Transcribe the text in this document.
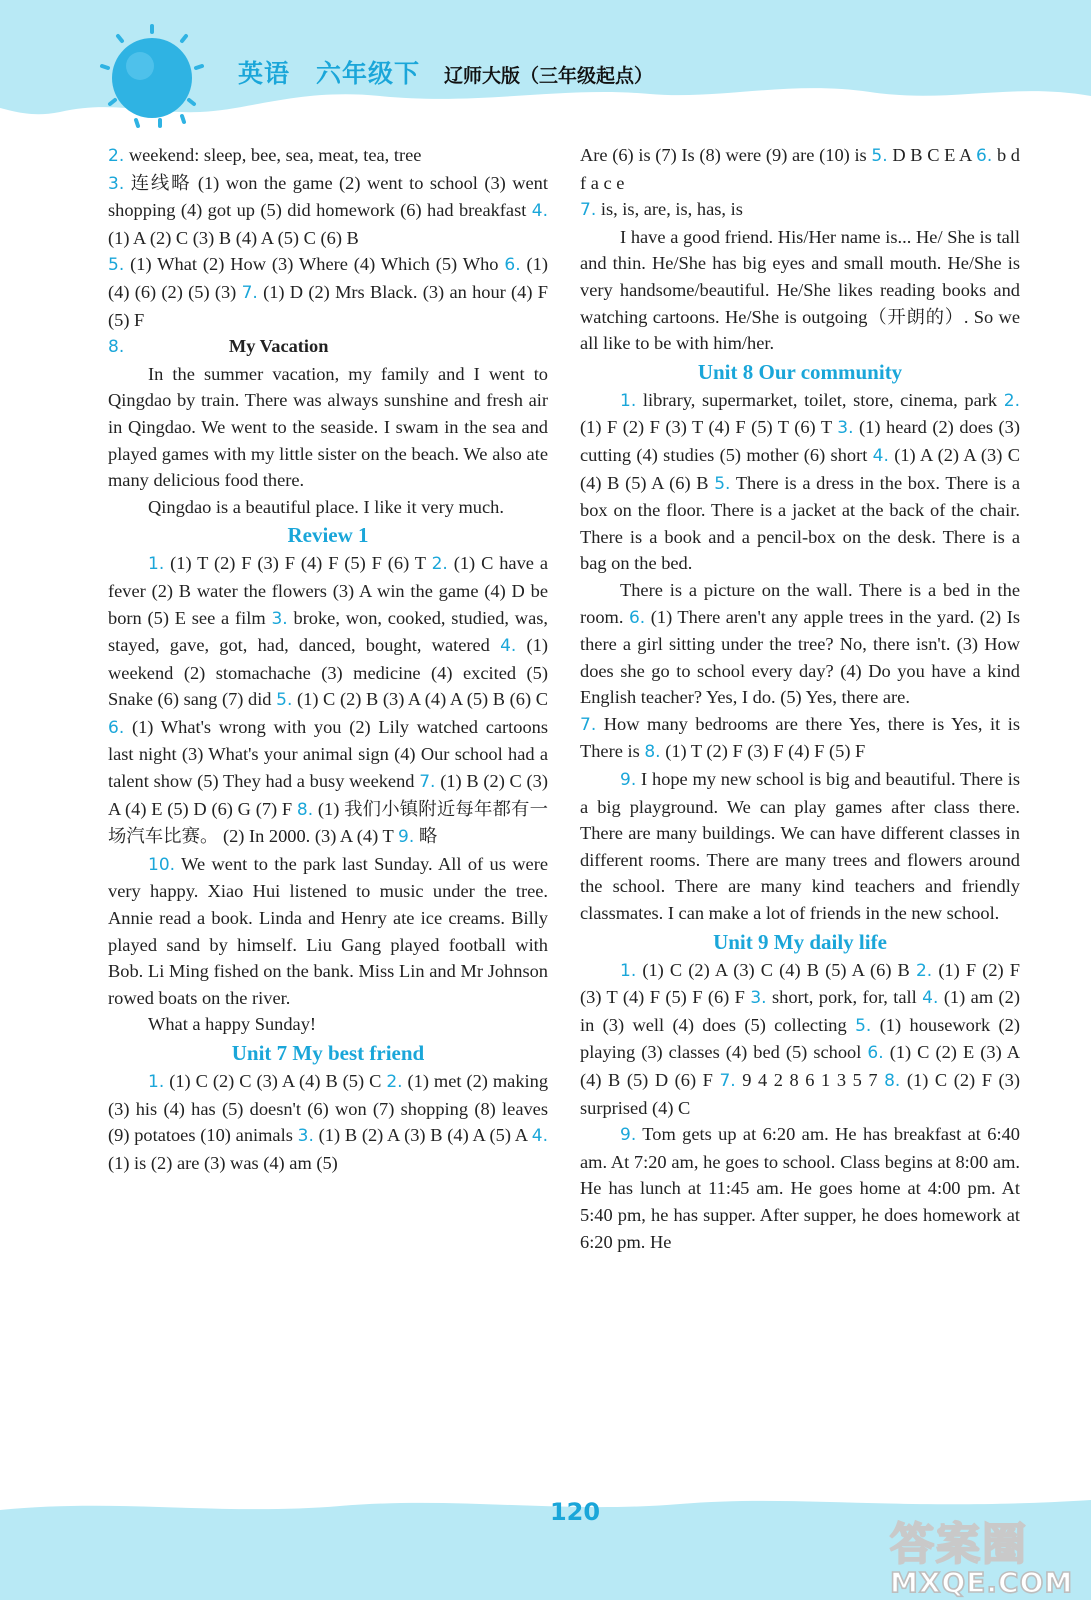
英语 六年级下 辽师大版（三年级起点）

2. weekend: sleep, bee, sea, meat, tea, tree

3. 连线略 (1) won the game (2) went to school (3) went shopping (4) got up (5) did homework (6) had breakfast 4. (1) A (2) C (3) B (4) A (5) C (6) B

5. (1) What (2) How (3) Where (4) Which (5) Who 6. (1) (4) (6) (2) (5) (3) 7. (1) D (2) Mrs Black. (3) an hour (4) F (5) F

8.	My Vacation

In the summer vacation, my family and I went to Qingdao by train. There was always sunshine and fresh air in Qingdao. We went to the seaside. I swam in the sea and played games with my little sister on the beach. We also ate many delicious food there.

Qingdao is a beautiful place. I like it very much.

Review 1

1. (1) T (2) F (3) F (4) F (5) F (6) T 2. (1) C have a fever (2) B water the flowers (3) A win the game (4) D be born (5) E see a film 3. broke, won, cooked, studied, was, stayed, gave, got, had, danced, bought, watered 4. (1) weekend (2) stomachache (3) medicine (4) excited (5) Snake (6) sang (7) did 5. (1) C (2) B (3) A (4) A (5) B (6) C 6. (1) What's wrong with you (2) Lily watched cartoons last night (3) What's your animal sign (4) Our school had a talent show (5) They had a busy weekend 7. (1) B (2) C (3) A (4) E (5) D (6) G (7) F 8. (1) 我们小镇附近每年都有一场汽车比赛。 (2) In 2000. (3) A (4) T 9. 略

10. We went to the park last Sunday. All of us were very happy. Xiao Hui listened to music under the tree. Annie read a book. Linda and Henry ate ice creams. Billy played sand by himself. Liu Gang played football with Bob. Li Ming fished on the bank. Miss Lin and Mr Johnson rowed boats on the river.

What a happy Sunday!

Unit 7 My best friend

1. (1) C (2) C (3) A (4) B (5) C 2. (1) met (2) making (3) his (4) has (5) doesn't (6) won (7) shopping (8) leaves (9) potatoes (10) animals 3. (1) B (2) A (3) B (4) A (5) A 4. (1) is (2) are (3) was (4) am (5)

Are (6) is (7) Is (8) were (9) are (10) is 5. D B C E A 6. b d f a c e

7. is, is, are, is, has, is

I have a good friend. His/Her name is... He/ She is tall and thin. He/She has big eyes and small mouth. He/She is very handsome/beautiful. He/She likes reading books and watching cartoons. He/She is outgoing（开朗的）. So we all like to be with him/her.

Unit 8 Our community

1. library, supermarket, toilet, store, cinema, park 2. (1) F (2) F (3) T (4) F (5) T (6) T 3. (1) heard (2) does (3) cutting (4) studies (5) mother (6) short 4. (1) A (2) A (3) C (4) B (5) A (6) B 5. There is a dress in the box. There is a box on the floor. There is a jacket at the back of the chair. There is a book and a pencil-box on the desk. There is a bag on the bed.

There is a picture on the wall. There is a bed in the room. 6. (1) There aren't any apple trees in the yard. (2) Is there a girl sitting under the tree? No, there isn't. (3) How does she go to school every day? (4) Do you have a kind English teacher? Yes, I do. (5) Yes, there are.

7. How many bedrooms are there Yes, there is Yes, it is There is 8. (1) T (2) F (3) F (4) F (5) F

9. I hope my new school is big and beautiful. There is a big playground. We can play games after class there. There are many buildings. We can have different classes in different rooms. There are many trees and flowers around the school. There are many kind teachers and friendly classmates. I can make a lot of friends in the new school.

Unit 9 My daily life

1. (1) C (2) A (3) C (4) B (5) A (6) B 2. (1) F (2) F (3) T (4) F (5) F (6) F 3. short, pork, for, tall 4. (1) am (2) in (3) well (4) does (5) collecting 5. (1) housework (2) playing (3) classes (4) bed (5) school 6. (1) C (2) E (3) A (4) B (5) D (6) F 7. 9 4 2 8 6 1 3 5 7 8. (1) C (2) F (3) surprised (4) C

9. Tom gets up at 6:20 am. He has breakfast at 6:40 am. At 7:20 am, he goes to school. Class begins at 8:00 am. He has lunch at 11:45 am. He goes home at 4:00 pm. At 5:40 pm, he has supper. After supper, he does homework at 6:20 pm. He

120
答案圈
MXQE.COM
